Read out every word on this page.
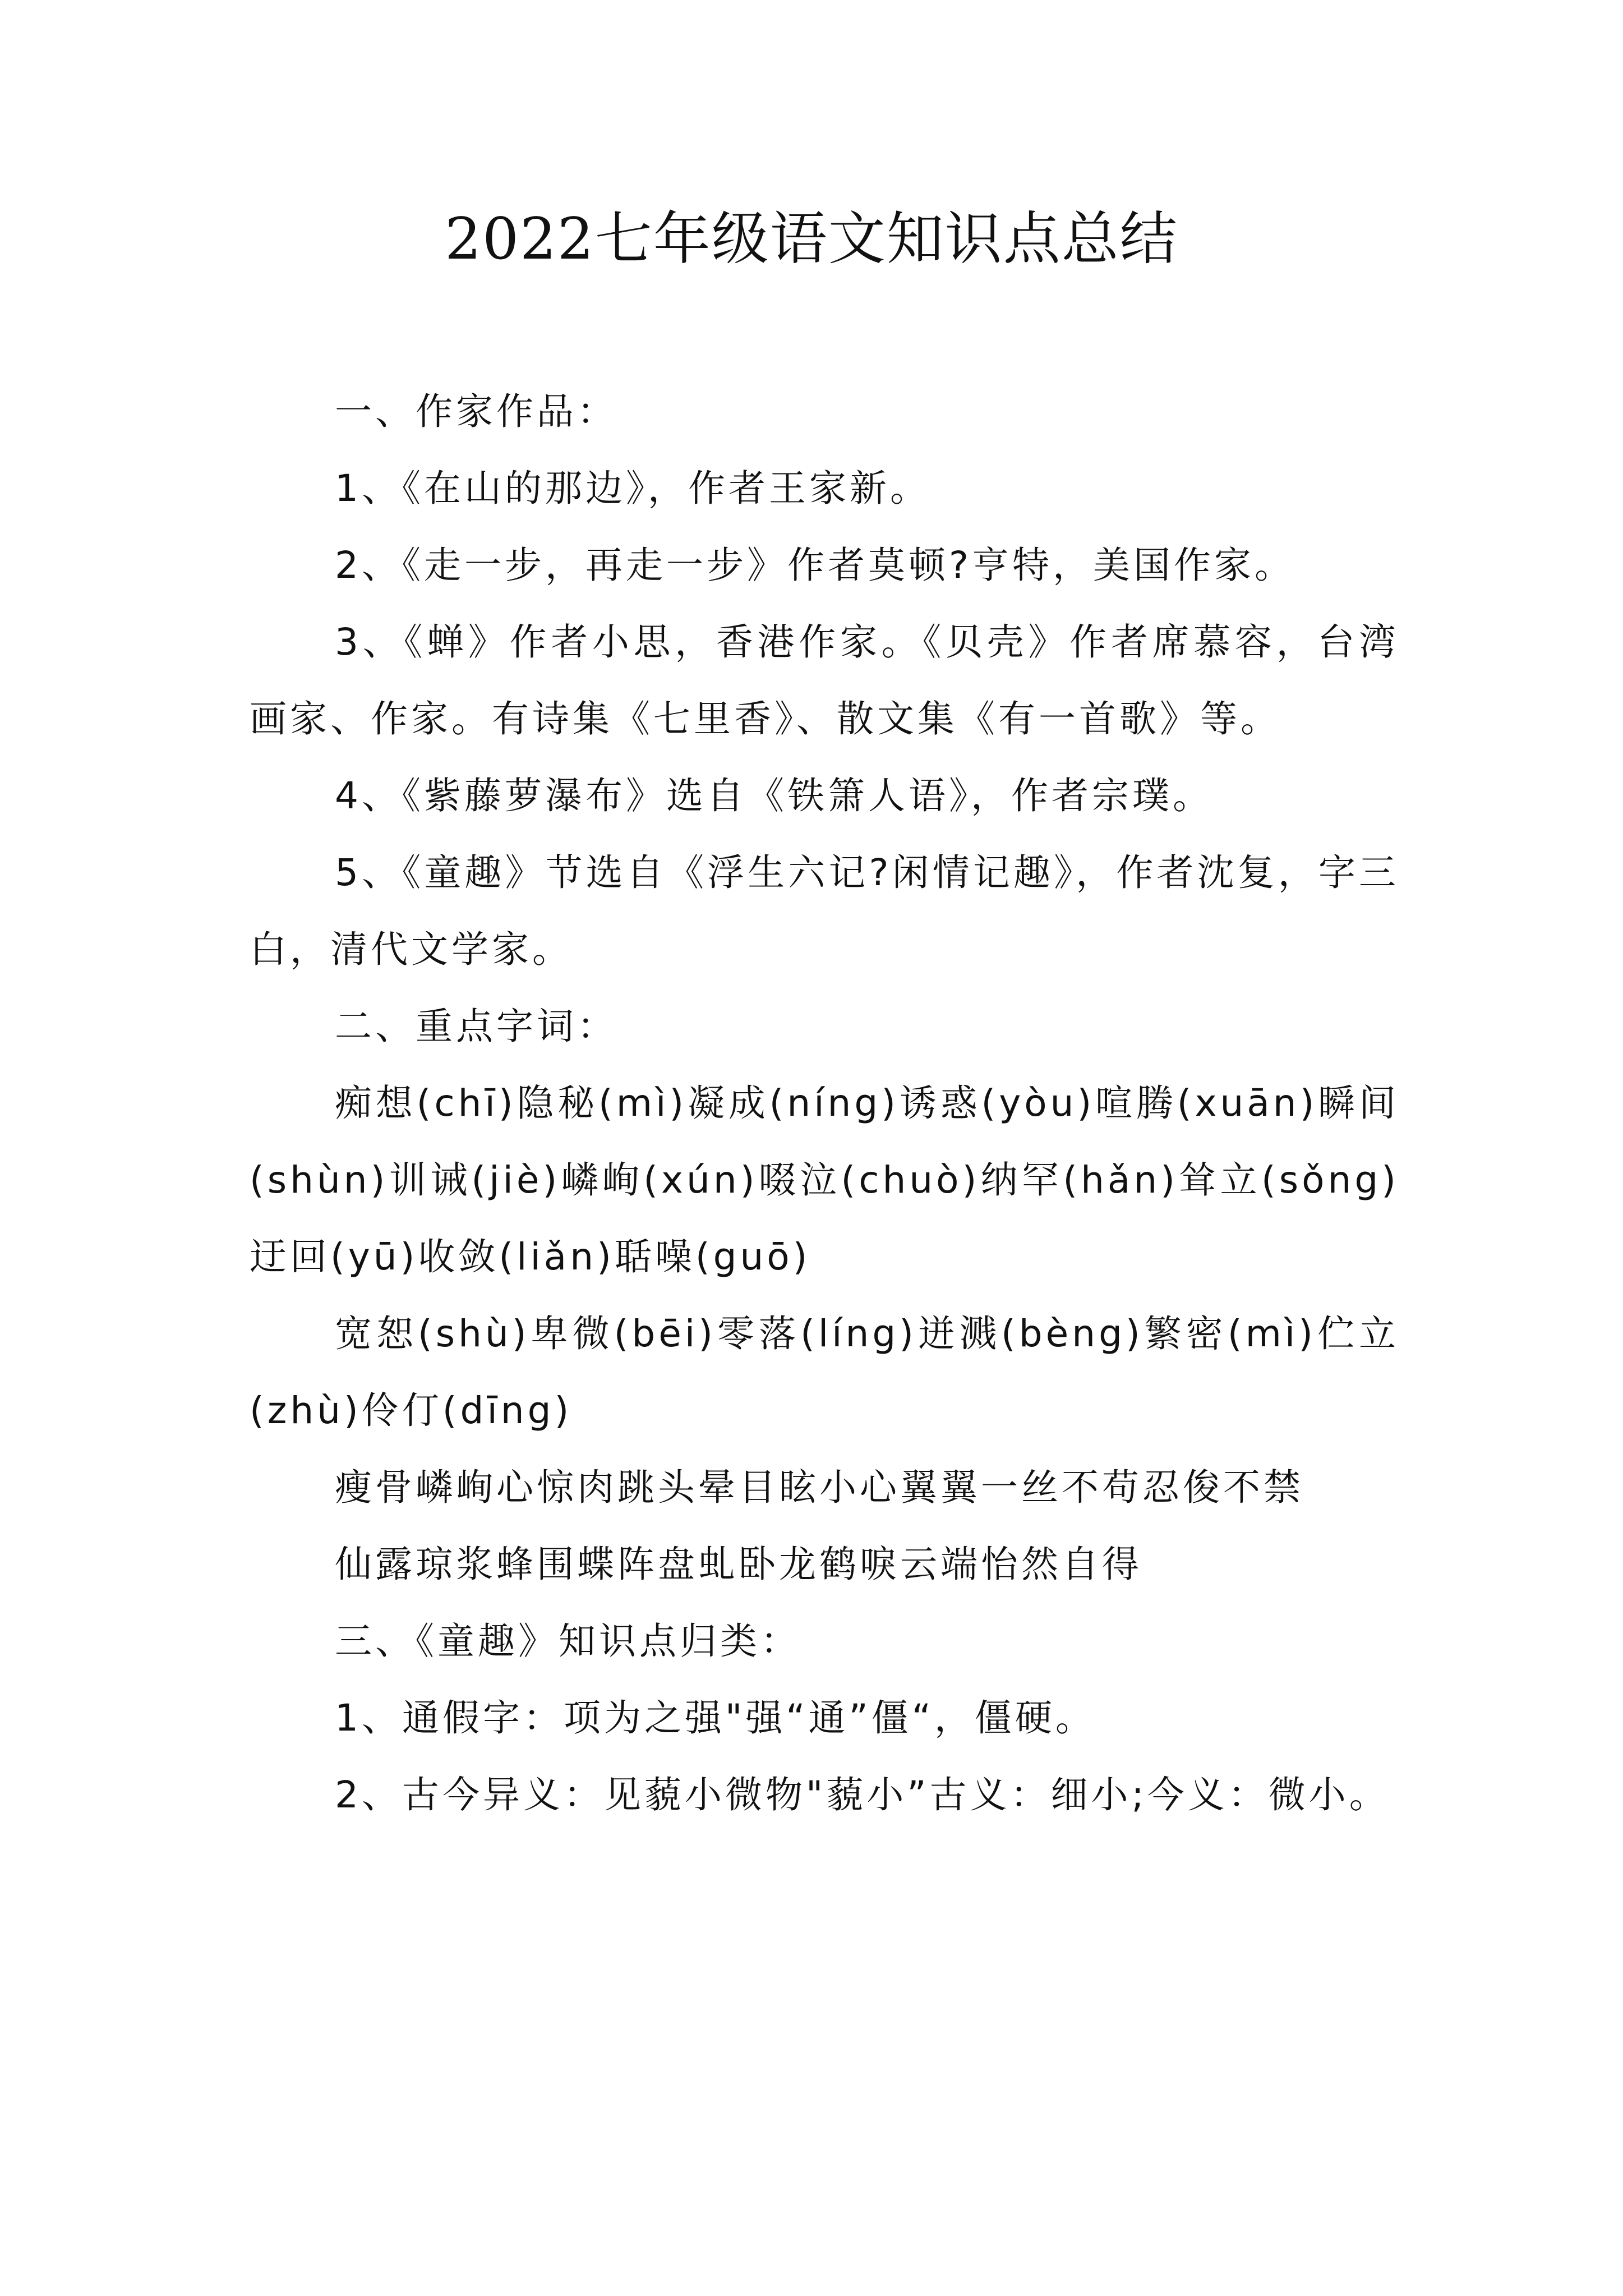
2022七年级语文知识点总结

一、作家作品：

1、《在山的那边》，作者王家新。

2、《走一步，再走一步》作者莫顿?亨特，美国作家。

3、《蝉》作者小思，香港作家。《贝壳》作者席慕容，台湾画家、作家。有诗集《七里香》、散文集《有一首歌》等。

4、《紫藤萝瀑布》选自《铁箫人语》，作者宗璞。

5、《童趣》节选自《浮生六记?闲情记趣》，作者沈复，字三白，清代文学家。

二、重点字词：

痴想(chī)隐秘(mì)凝成(níng)诱惑(yòu)喧腾(xuān)瞬间(shùn)训诫(jiè)嶙峋(xún)啜泣(chuò)纳罕(hǎn)耸立(sǒng)迂回(yū)收敛(liǎn)聒噪(guō)

宽恕(shù)卑微(bēi)零落(líng)迸溅(bèng)繁密(mì)伫立(zhù)伶仃(dīng)

瘦骨嶙峋心惊肉跳头晕目眩小心翼翼一丝不苟忍俊不禁

仙露琼浆蜂围蝶阵盘虬卧龙鹤唳云端怡然自得

三、《童趣》知识点归类：

1、通假字：项为之强"强“通”僵“，僵硬。

2、古今异义：见藐小微物"藐小”古义：细小;今义：微小。
